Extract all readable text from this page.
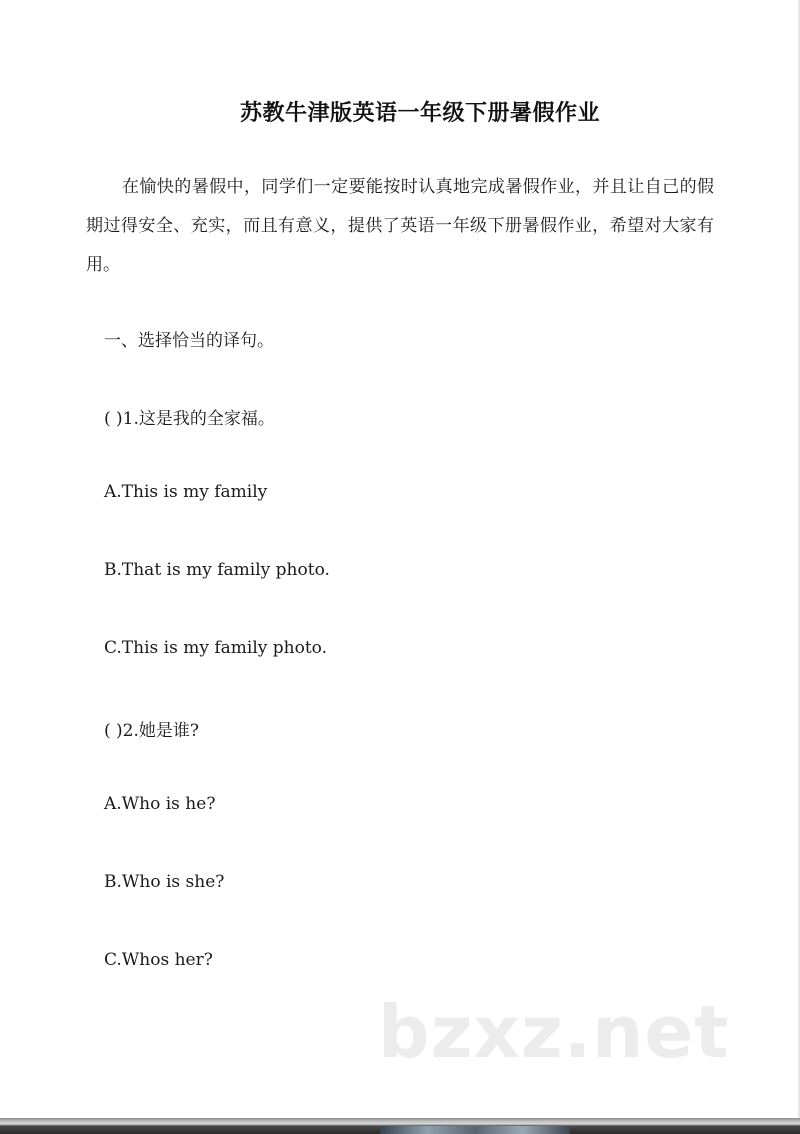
苏教牛津版英语一年级下册暑假作业
在愉快的暑假中，同学们一定要能按时认真地完成暑假作业，并且让自己的假期过得安全、充实，而且有意义，提供了英语一年级下册暑假作业，希望对大家有用。
一、选择恰当的译句。
( )1.这是我的全家福。
A.This is my family
B.That is my family photo.
C.This is my family photo.
( )2.她是谁?
A.Who is he?
B.Who is she?
C.Whos her?
bzxz.net
